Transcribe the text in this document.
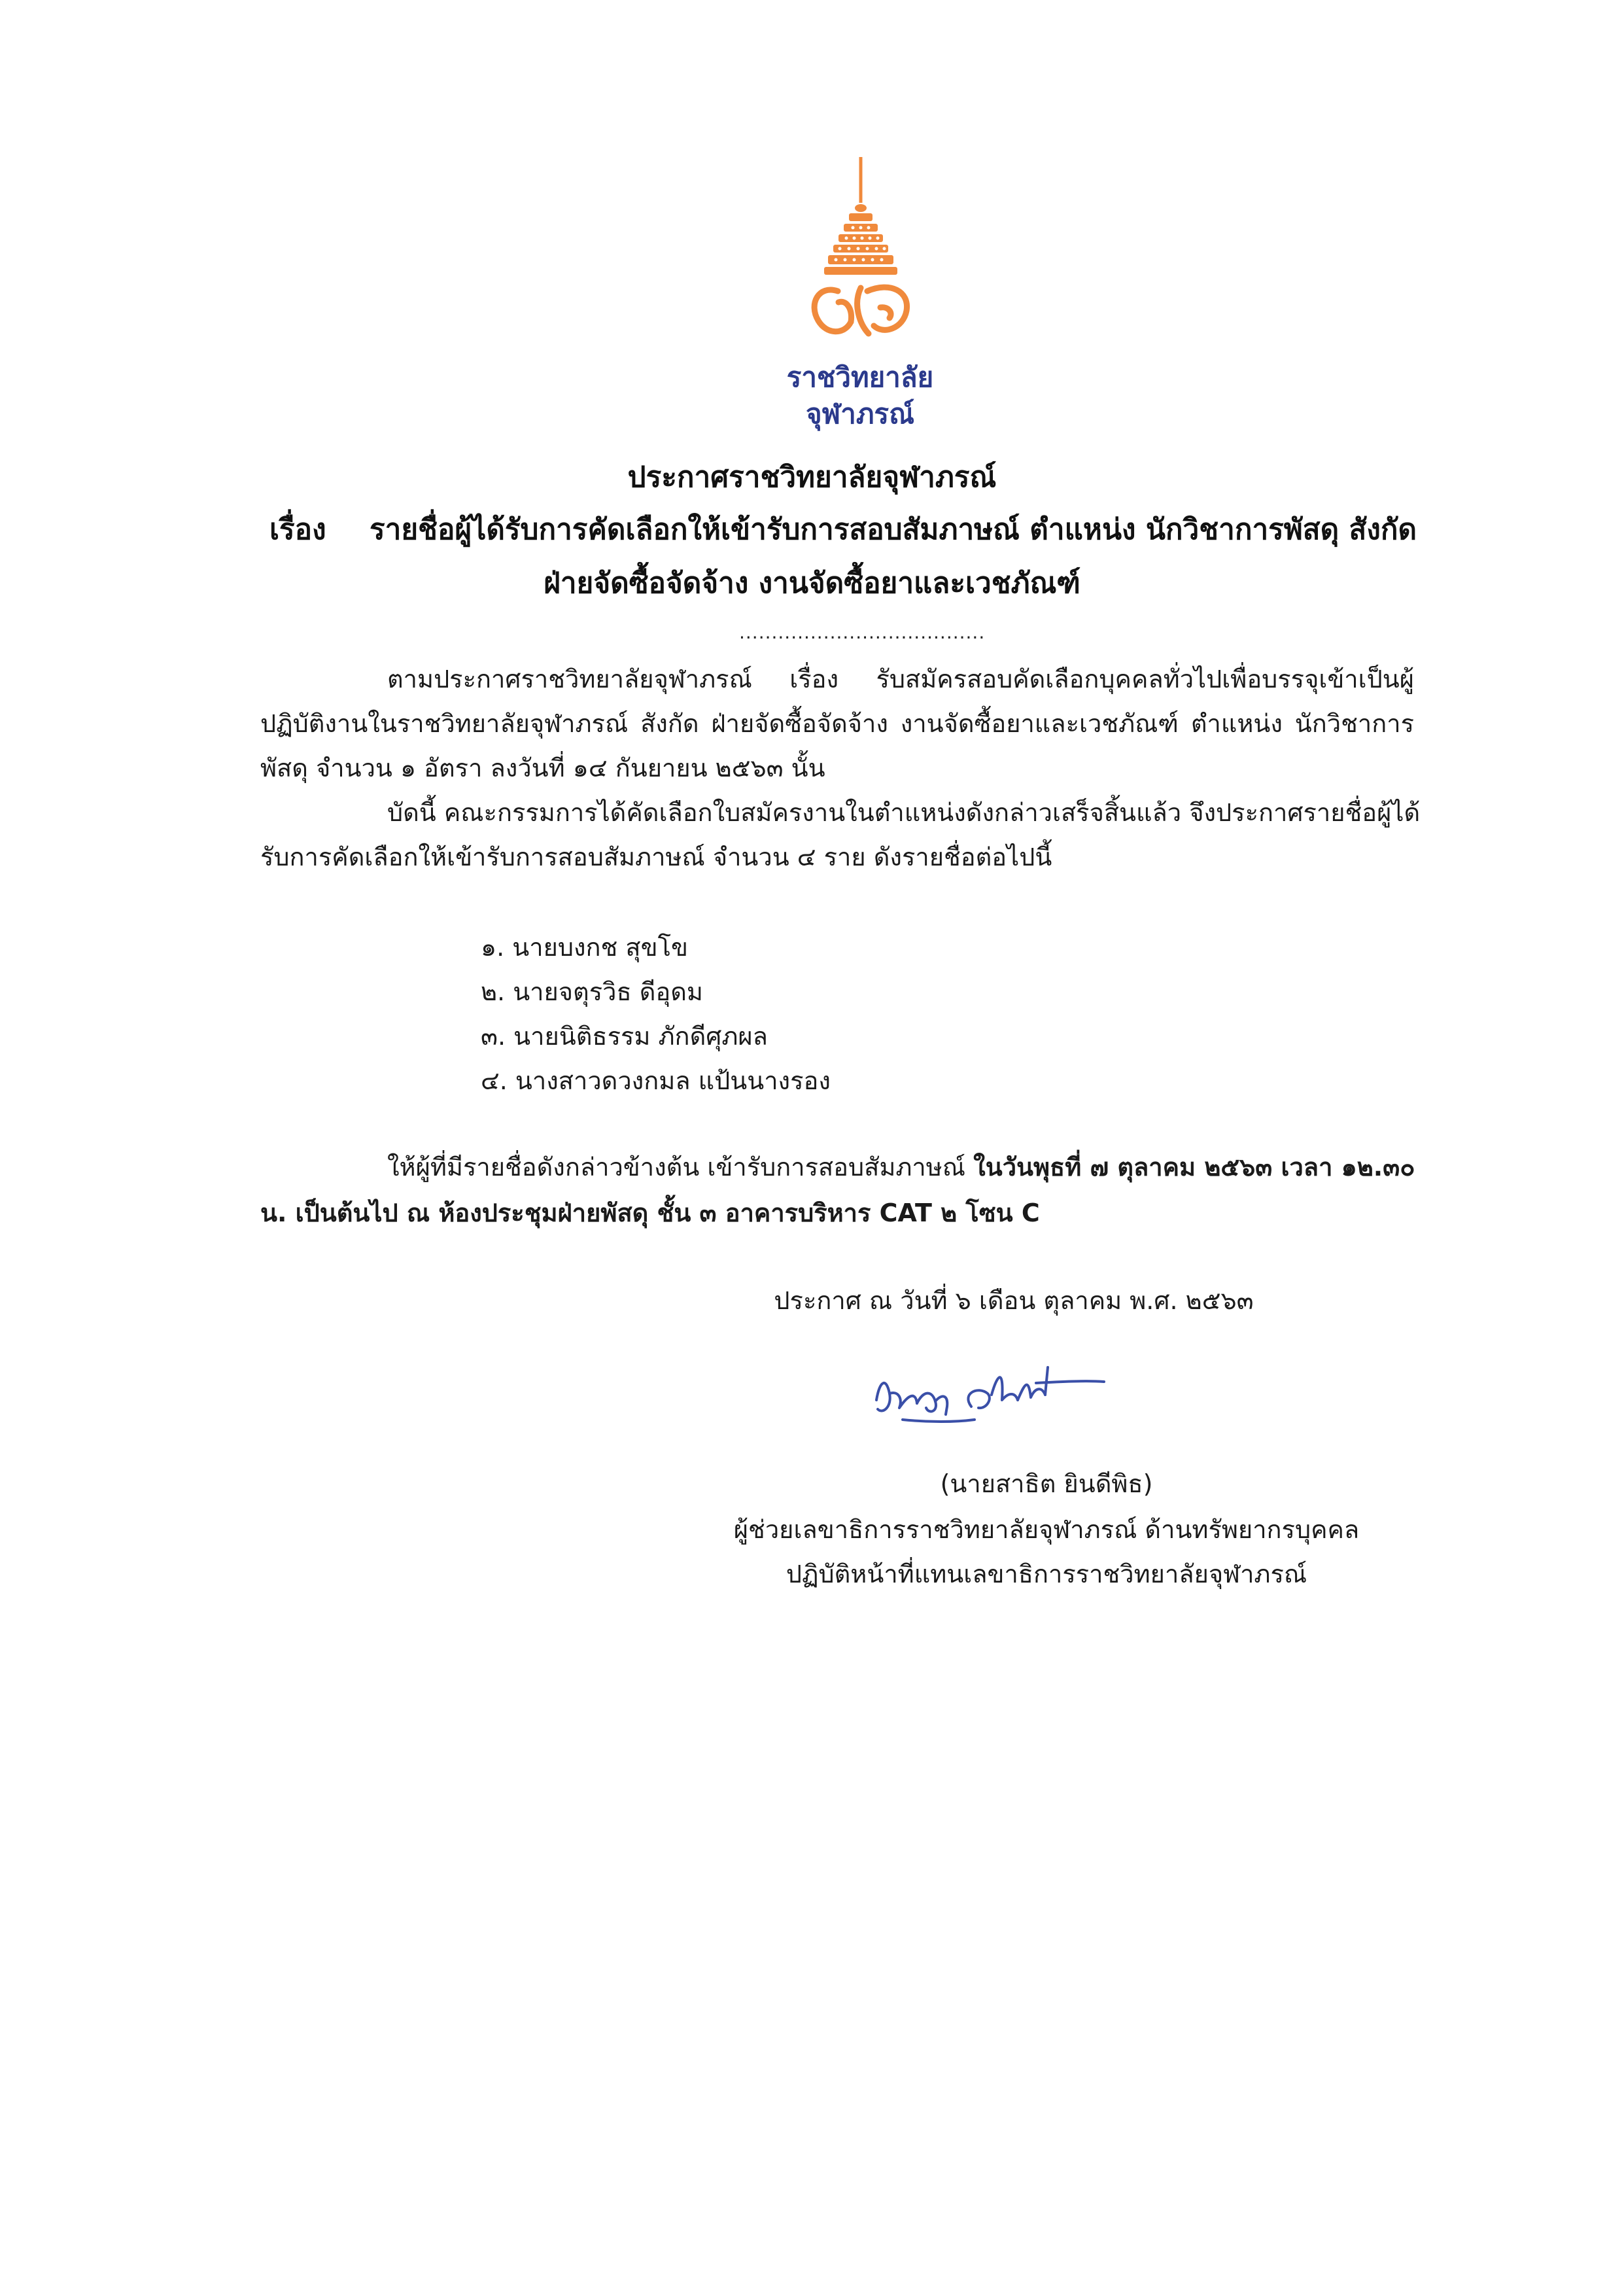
ราชวิทยาลัย
จุฬาภรณ์
ประกาศราชวิทยาลัยจุฬาภรณ์
เรื่อง รายชื่อผู้ได้รับการคัดเลือกให้เข้ารับการสอบสัมภาษณ์ ตำแหน่ง นักวิชาการพัสดุ สังกัด
ฝ่ายจัดซื้อจัดจ้าง งานจัดซื้อยาและเวชภัณฑ์
......................................
ตามประกาศราชวิทยาลัยจุฬาภรณ์ เรื่อง รับสมัครสอบคัดเลือกบุคคลทั่วไปเพื่อบรรจุเข้าเป็นผู้
ปฏิบัติงานในราชวิทยาลัยจุฬาภรณ์ สังกัด ฝ่ายจัดซื้อจัดจ้าง งานจัดซื้อยาและเวชภัณฑ์ ตำแหน่ง นักวิชาการ
พัสดุ จำนวน ๑ อัตรา ลงวันที่ ๑๔ กันยายน ๒๕๖๓ นั้น
บัดนี้ คณะกรรมการได้คัดเลือกใบสมัครงานในตำแหน่งดังกล่าวเสร็จสิ้นแล้ว จึงประกาศรายชื่อผู้ได้
รับการคัดเลือกให้เข้ารับการสอบสัมภาษณ์ จำนวน ๔ ราย ดังรายชื่อต่อไปนี้
๑. นายบงกช สุขโข
๒. นายจตุรวิธ ดีอุดม
๓. นายนิติธรรม ภักดีศุภผล
๔. นางสาวดวงกมล แป้นนางรอง
ให้ผู้ที่มีรายชื่อดังกล่าวข้างต้น เข้ารับการสอบสัมภาษณ์ ในวันพุธที่ ๗ ตุลาคม ๒๕๖๓ เวลา ๑๒.๓๐
น. เป็นต้นไป ณ ห้องประชุมฝ่ายพัสดุ ชั้น ๓ อาคารบริหาร CAT ๒ โซน C
ประกาศ ณ วันที่ ๖ เดือน ตุลาคม พ.ศ. ๒๕๖๓
(นายสาธิต ยินดีพิธ)
ผู้ช่วยเลขาธิการราชวิทยาลัยจุฬาภรณ์ ด้านทรัพยากรบุคคล
ปฏิบัติหน้าที่แทนเลขาธิการราชวิทยาลัยจุฬาภรณ์
